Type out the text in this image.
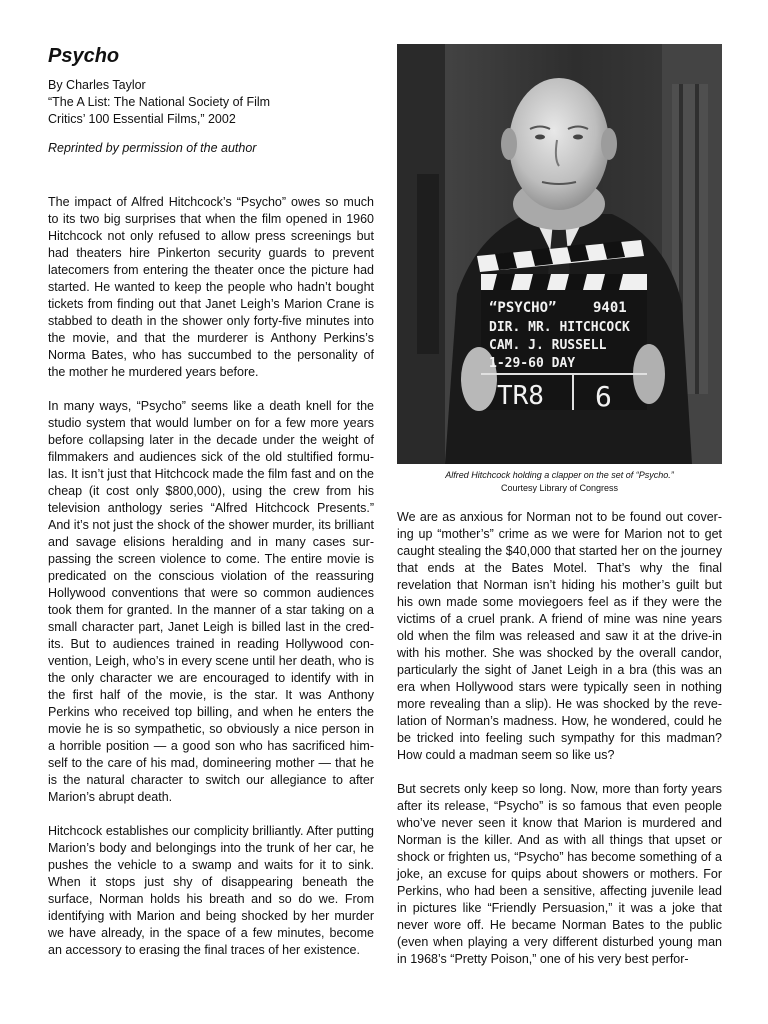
Psycho

By Charles Taylor

“The A List: The National Society of Film

Critics’ 100 Essential Films,” 2002

Reprinted by permission of the author

The impact of Alfred Hitchcock’s “Psycho” owes so much to its two big surprises that when the film opened in 1960 Hitchcock not only refused to allow press screenings but had theaters hire Pinkerton security guards to prevent latecomers from entering the theater once the picture had started. He wanted to keep the people who hadn’t bought tickets from finding out that Janet Leigh’s Marion Crane is stabbed to death in the shower only forty-five minutes into the movie, and that the murderer is Anthony Perkins’s Norma Bates, who has succumbed to the personality of the mother he murdered years before.

In many ways, “Psycho” seems like a death knell for the studio system that would lumber on for a few more years before collapsing later in the decade under the weight of filmmakers and audiences sick of the old stultified formulas. It isn’t just that Hitchcock made the film fast and on the cheap (it cost only $800,000), using the crew from his television anthology series “Alfred Hitchcock Presents.” And it’s not just the shock of the shower murder, its brilliant and savage elisions heralding and in many cases surpassing the screen violence to come. The entire movie is predicated on the conscious violation of the reassuring Hollywood conventions that were so common audiences took them for granted. In the manner of a star taking on a small character part, Janet Leigh is billed last in the credits. But to audiences trained in reading Hollywood convention, Leigh, who’s in every scene until her death, who is the only character we are encouraged to identify with in the first half of the movie, is the star. It was Anthony Perkins who received top billing, and when he enters the movie he is so sympathetic, so obviously a nice person in a horrible position — a good son who has sacrificed himself to the care of his mad, domineering mother — that he is the natural character to switch our allegiance to after Marion’s abrupt death.

Hitchcock establishes our complicity brilliantly. After putting Marion’s body and belongings into the trunk of her car, he pushes the vehicle to a swamp and waits for it to sink. When it stops just shy of disappearing beneath the surface, Norman holds his breath and so do we. From identifying with Marion and being shocked by her murder we have already, in the space of a few minutes, become an accessory to erasing the final traces of her existence.

“PSYCHO”	9401
DIR. MR. HITCHCOCK
CAM. J. RUSSELL
1-29-60 DAY
TR8 6

Alfred Hitchcock holding a clapper on the set of “Psycho.”
Courtesy Library of Congress

We are as anxious for Norman not to be found out covering up “mother’s” crime as we were for Marion not to get caught stealing the $40,000 that started her on the journey that ends at the Bates Motel. That’s why the final revelation that Norman isn’t hiding his mother’s guilt but his own made some moviegoers feel as if they were the victims of a cruel prank. A friend of mine was nine years old when the film was released and saw it at the drive-in with his mother. She was shocked by the overall candor, particularly the sight of Janet Leigh in a bra (this was an era when Hollywood stars were typically seen in nothing more revealing than a slip). He was shocked by the revelation of Norman’s madness. How, he wondered, could he be tricked into feeling such sympathy for this madman? How could a madman seem so like us?

But secrets only keep so long. Now, more than forty years after its release, “Psycho” is so famous that even people who’ve never seen it know that Marion is murdered and Norman is the killer. And as with all things that upset or shock or frighten us, “Psycho” has become something of a joke, an excuse for quips about showers or mothers. For Perkins, who had been a sensitive, affecting juvenile lead in pictures like “Friendly Persuasion,” it was a joke that never wore off. He became Norman Bates to the public (even when playing a very different disturbed young man in 1968’s “Pretty Poison,” one of his very best perfor-
